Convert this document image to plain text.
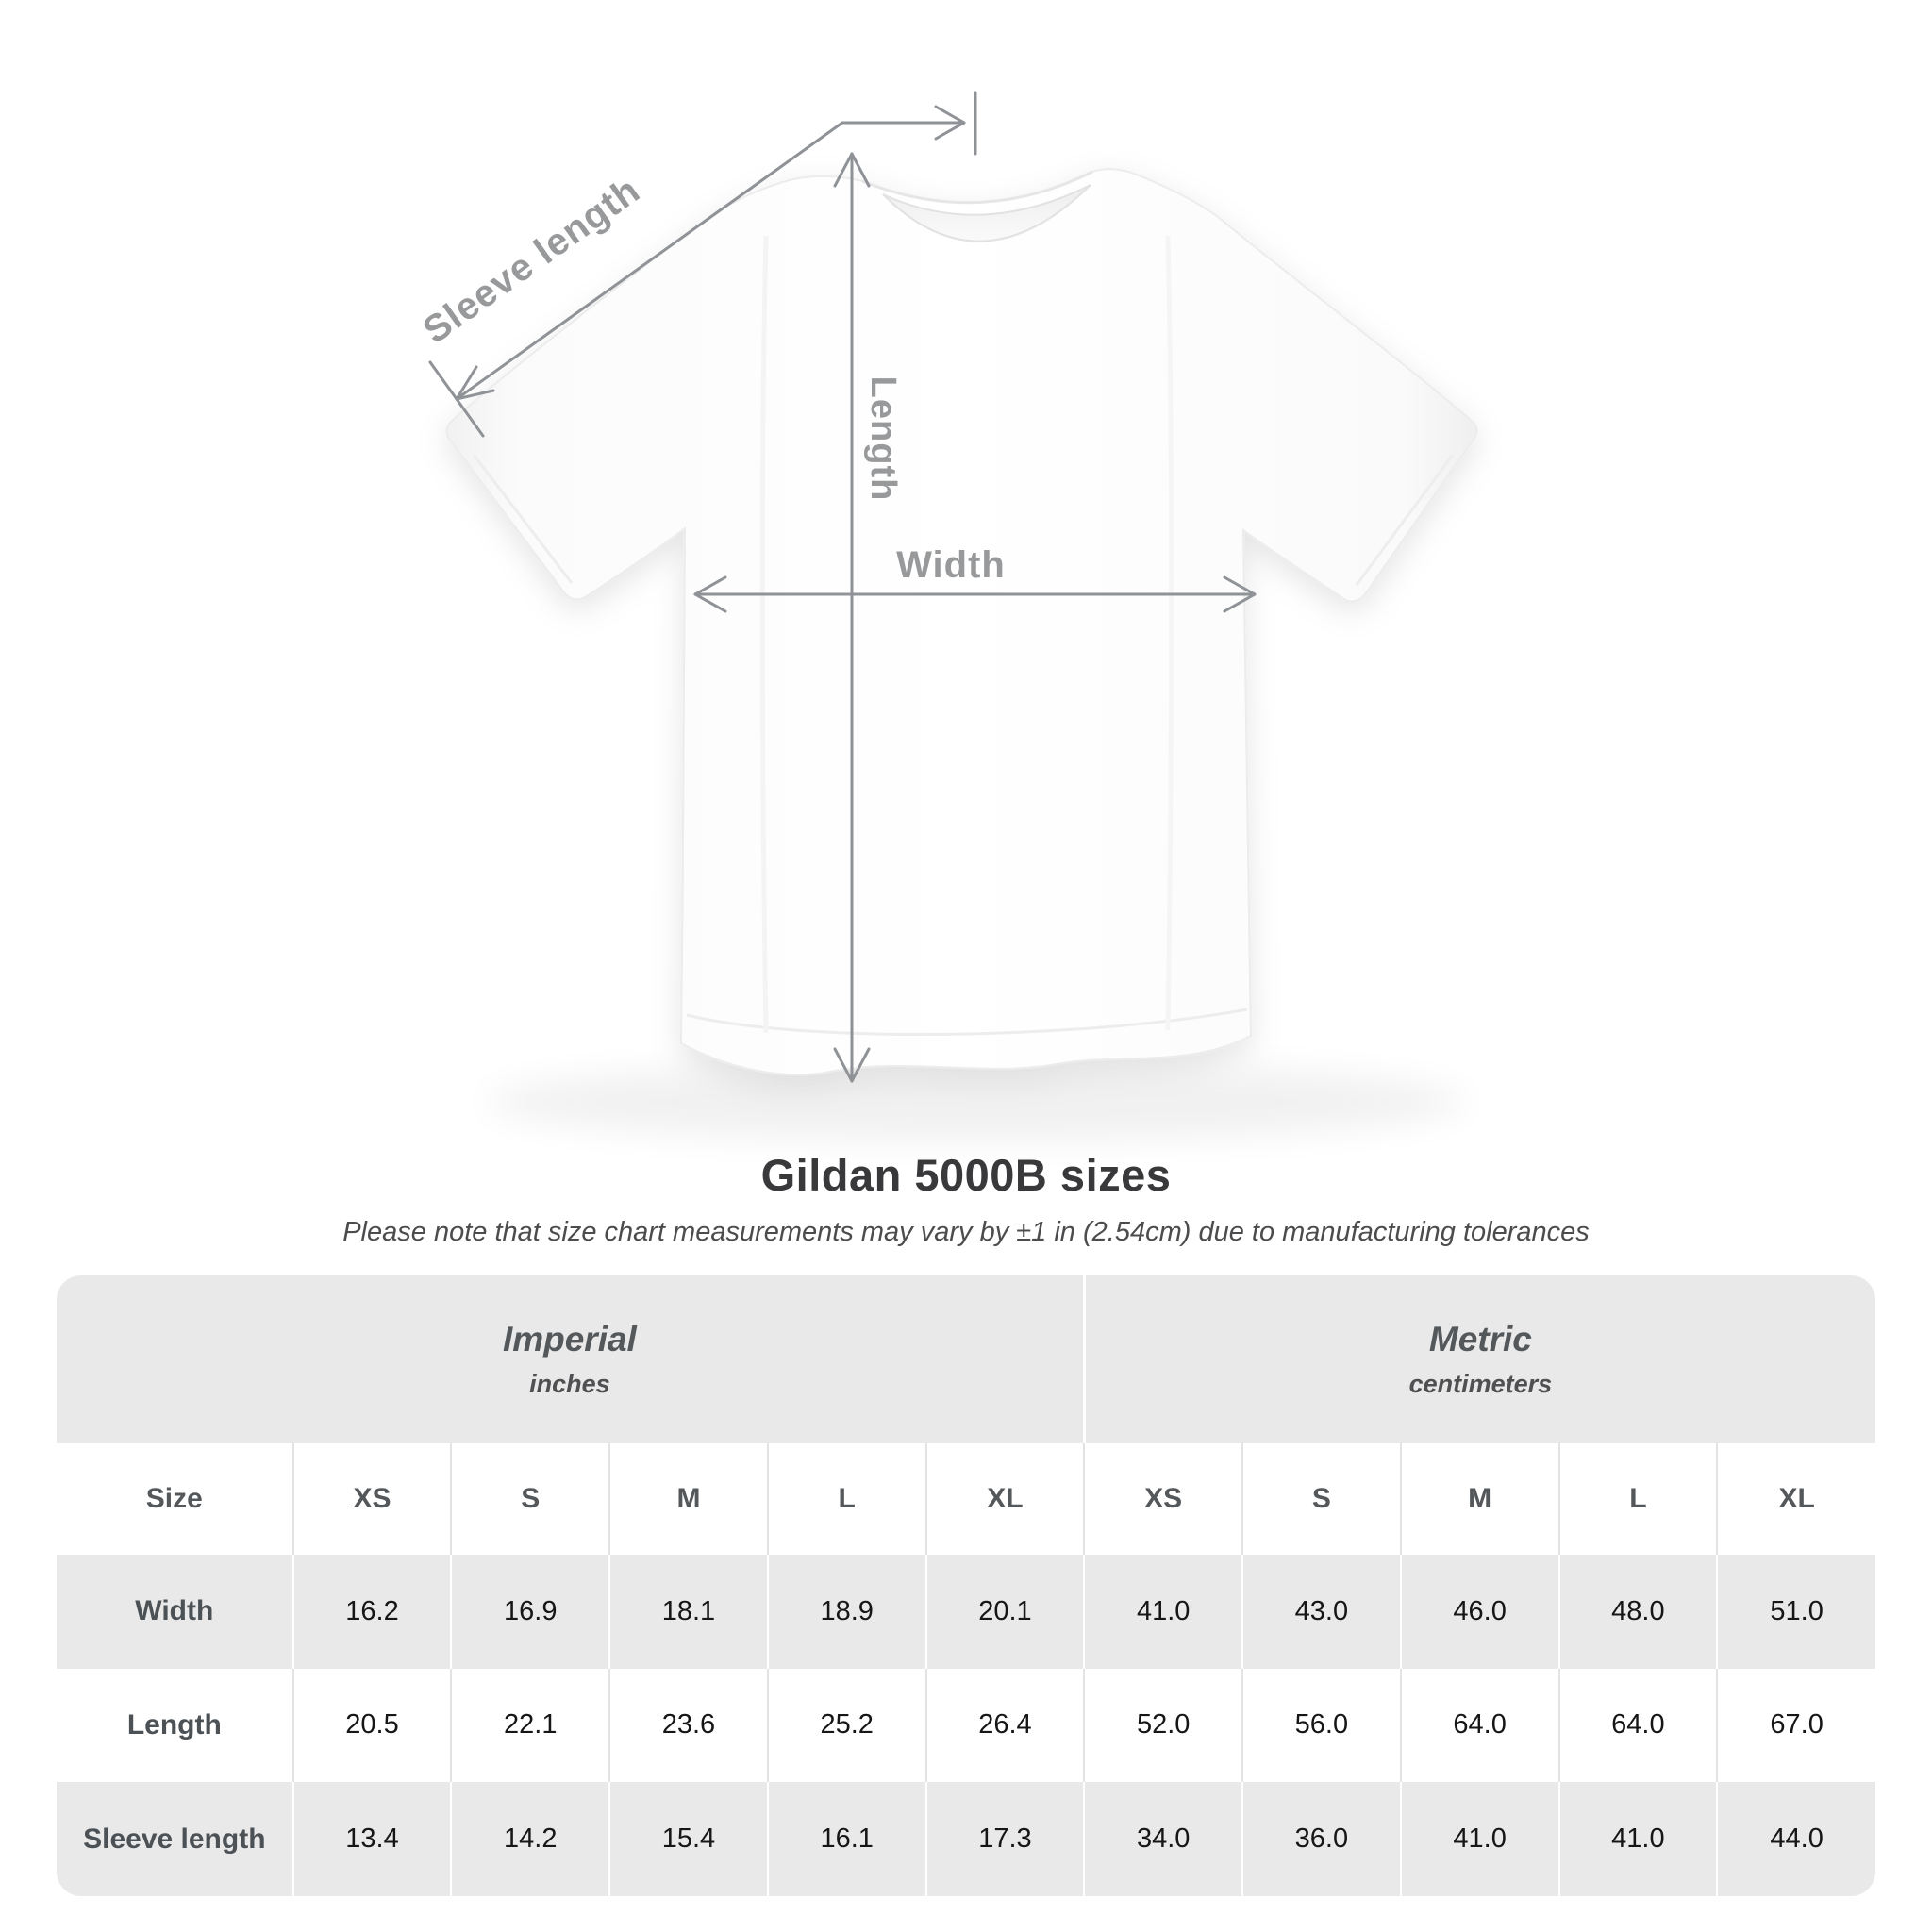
Sleeve length
Length
Width
Gildan 5000B sizes

Please note that size chart measurements may vary by ±1 in (2.54cm) due to manufacturing tolerances

Imperial
inches

Metric
centimeters

Size	XS	S	M	L	XL	XS	S	M	L	XL
Width	16.2	16.9	18.1	18.9	20.1	41.0	43.0	46.0	48.0	51.0
Length	20.5	22.1	23.6	25.2	26.4	52.0	56.0	64.0	64.0	67.0
Sleeve length	13.4	14.2	15.4	16.1	17.3	34.0	36.0	41.0	41.0	44.0
